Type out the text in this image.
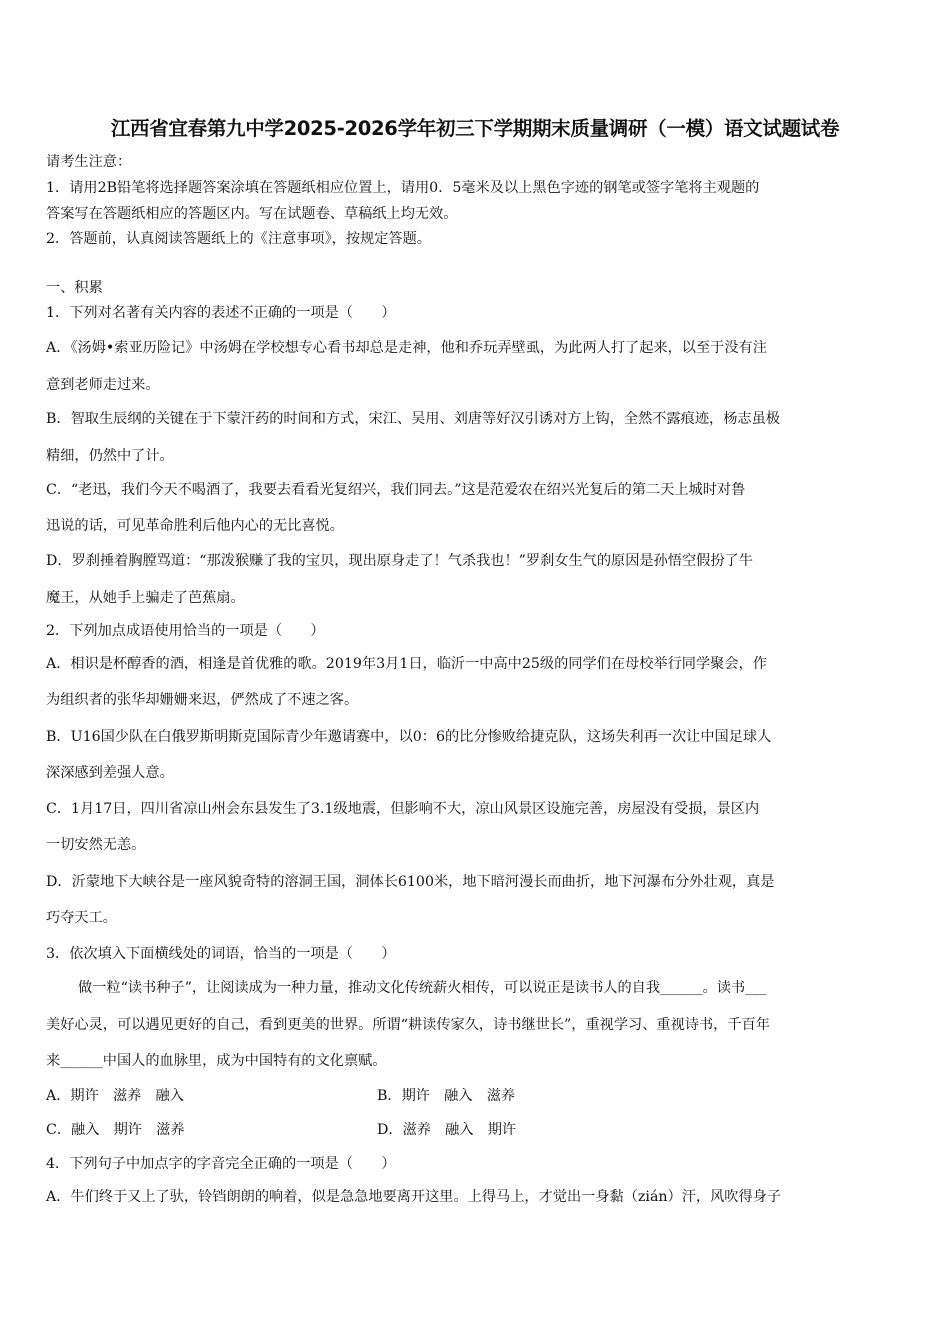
江西省宜春第九中学2025-2026学年初三下学期期末质量调研（一模）语文试题试卷
请考生注意：
1．请用2B铅笔将选择题答案涂填在答题纸相应位置上，请用0．5毫米及以上黑色字迹的钢笔或签字笔将主观题的
答案写在答题纸相应的答题区内。写在试题卷、草稿纸上均无效。
2．答题前，认真阅读答题纸上的《注意事项》，按规定答题。
一、积累
1．下列对名著有关内容的表述不正确的一项是（　　）
A．《汤姆•索亚历险记》中汤姆在学校想专心看书却总是走神，他和乔玩弄壁虱，为此两人打了起来，以至于没有注
意到老师走过来。
B．智取生辰纲的关键在于下蒙汗药的时间和方式，宋江、吴用、刘唐等好汉引诱对方上钩，全然不露痕迹，杨志虽极
精细，仍然中了计。
C．“老迅，我们今天不喝酒了，我要去看看光复绍兴，我们同去。”这是范爱农在绍兴光复后的第二天上城时对鲁
迅说的话，可见革命胜利后他内心的无比喜悦。
D．罗刹捶着胸膛骂道：“那泼猴赚了我的宝贝，现出原身走了！气杀我也！”罗刹女生气的原因是孙悟空假扮了牛
魔王，从她手上骗走了芭蕉扇。
2．下列加点成语使用恰当的一项是（　　）
A．相识是杯醇香的酒，相逢是首优雅的歌。2019年3月1日，临沂一中高中25级的同学们在母校举行同学聚会，作
为组织者的张华却姗姗来迟，俨然成了不速之客。
B．U16国少队在白俄罗斯明斯克国际青少年邀请赛中，以0：6的比分惨败给捷克队，这场失利再一次让中国足球人
深深感到差强人意。
C．1月17日，四川省凉山州会东县发生了3.1级地震，但影响不大，凉山风景区设施完善，房屋没有受损，景区内
一切安然无恙。
D．沂蒙地下大峡谷是一座风貌奇特的溶洞王国，洞体长6100米，地下暗河漫长而曲折，地下河瀑布分外壮观，真是
巧夺天工。
3．依次填入下面横线处的词语，恰当的一项是（　　）
做一粒“读书种子”，让阅读成为一种力量，推动文化传统薪火相传，可以说正是读书人的自我______。读书___
美好心灵，可以遇见更好的自己，看到更美的世界。所谓“耕读传家久，诗书继世长”，重视学习、重视诗书，千百年
来______中国人的血脉里，成为中国特有的文化禀赋。
A．期许　滋养　融入	B．期许　融入　滋养
C．融入　期许　滋养	D．滋养　融入　期许
4．下列句子中加点字的字音完全正确的一项是（　　）
A．牛们终于又上了驮，铃铛朗朗的响着，似是急急地要离开这里。上得马上，才觉出一身黏（zián）汗，风吹得身子
